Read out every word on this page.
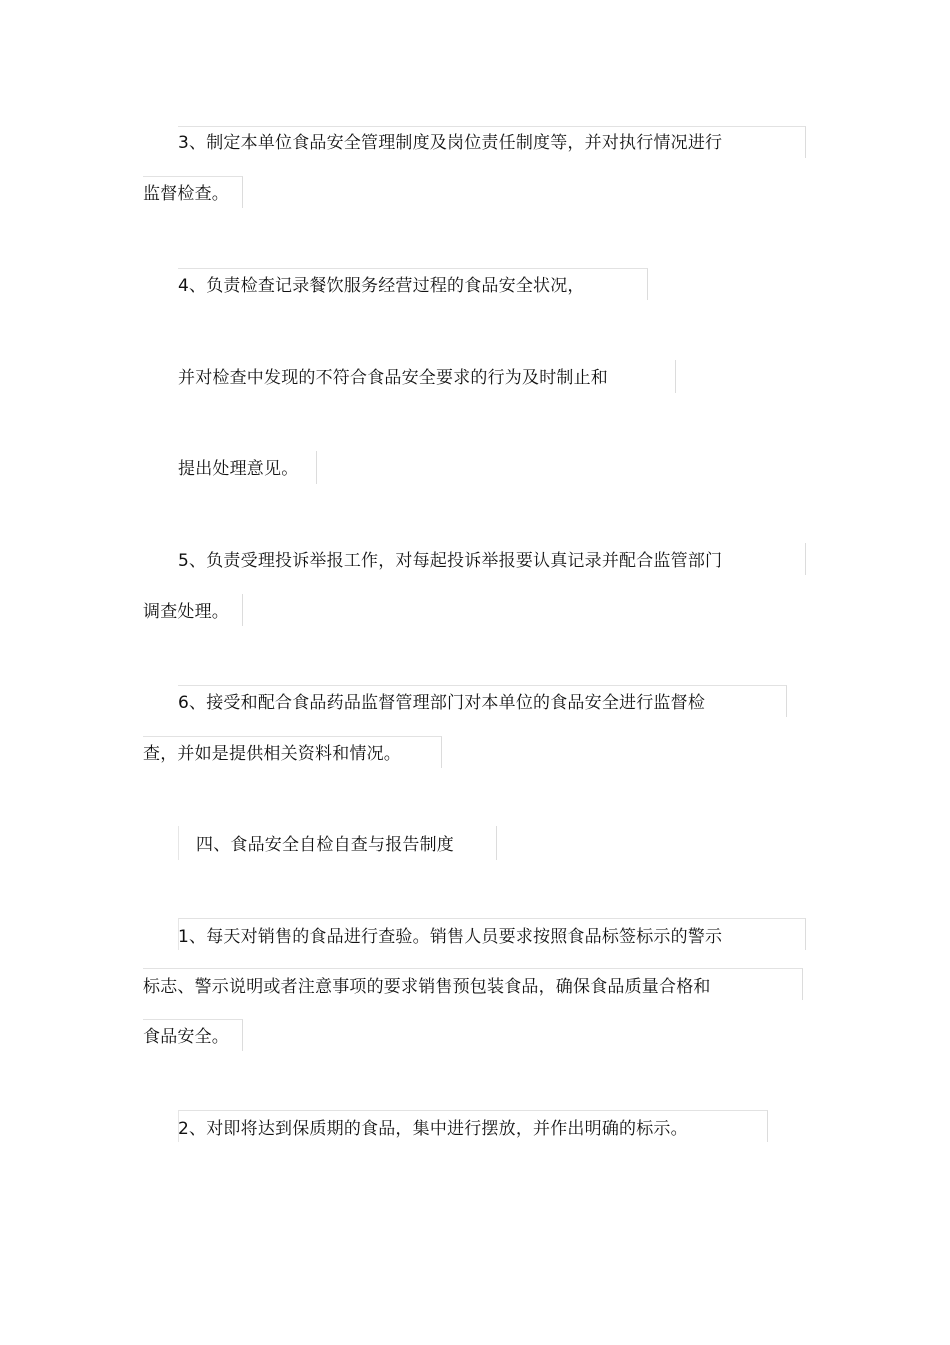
3、制定本单位食品安全管理制度及岗位责任制度等，并对执行情况进行
监督检查。
4、负责检查记录餐饮服务经营过程的食品安全状况，
并对检查中发现的不符合食品安全要求的行为及时制止和
提出处理意见。
5、负责受理投诉举报工作，对每起投诉举报要认真记录并配合监管部门
调查处理。
6、接受和配合食品药品监督管理部门对本单位的食品安全进行监督检
查，并如是提供相关资料和情况。
四、食品安全自检自查与报告制度
1、每天对销售的食品进行查验。销售人员要求按照食品标签标示的警示
标志、警示说明或者注意事项的要求销售预包装食品，确保食品质量合格和
食品安全。
2、对即将达到保质期的食品，集中进行摆放，并作出明确的标示。
